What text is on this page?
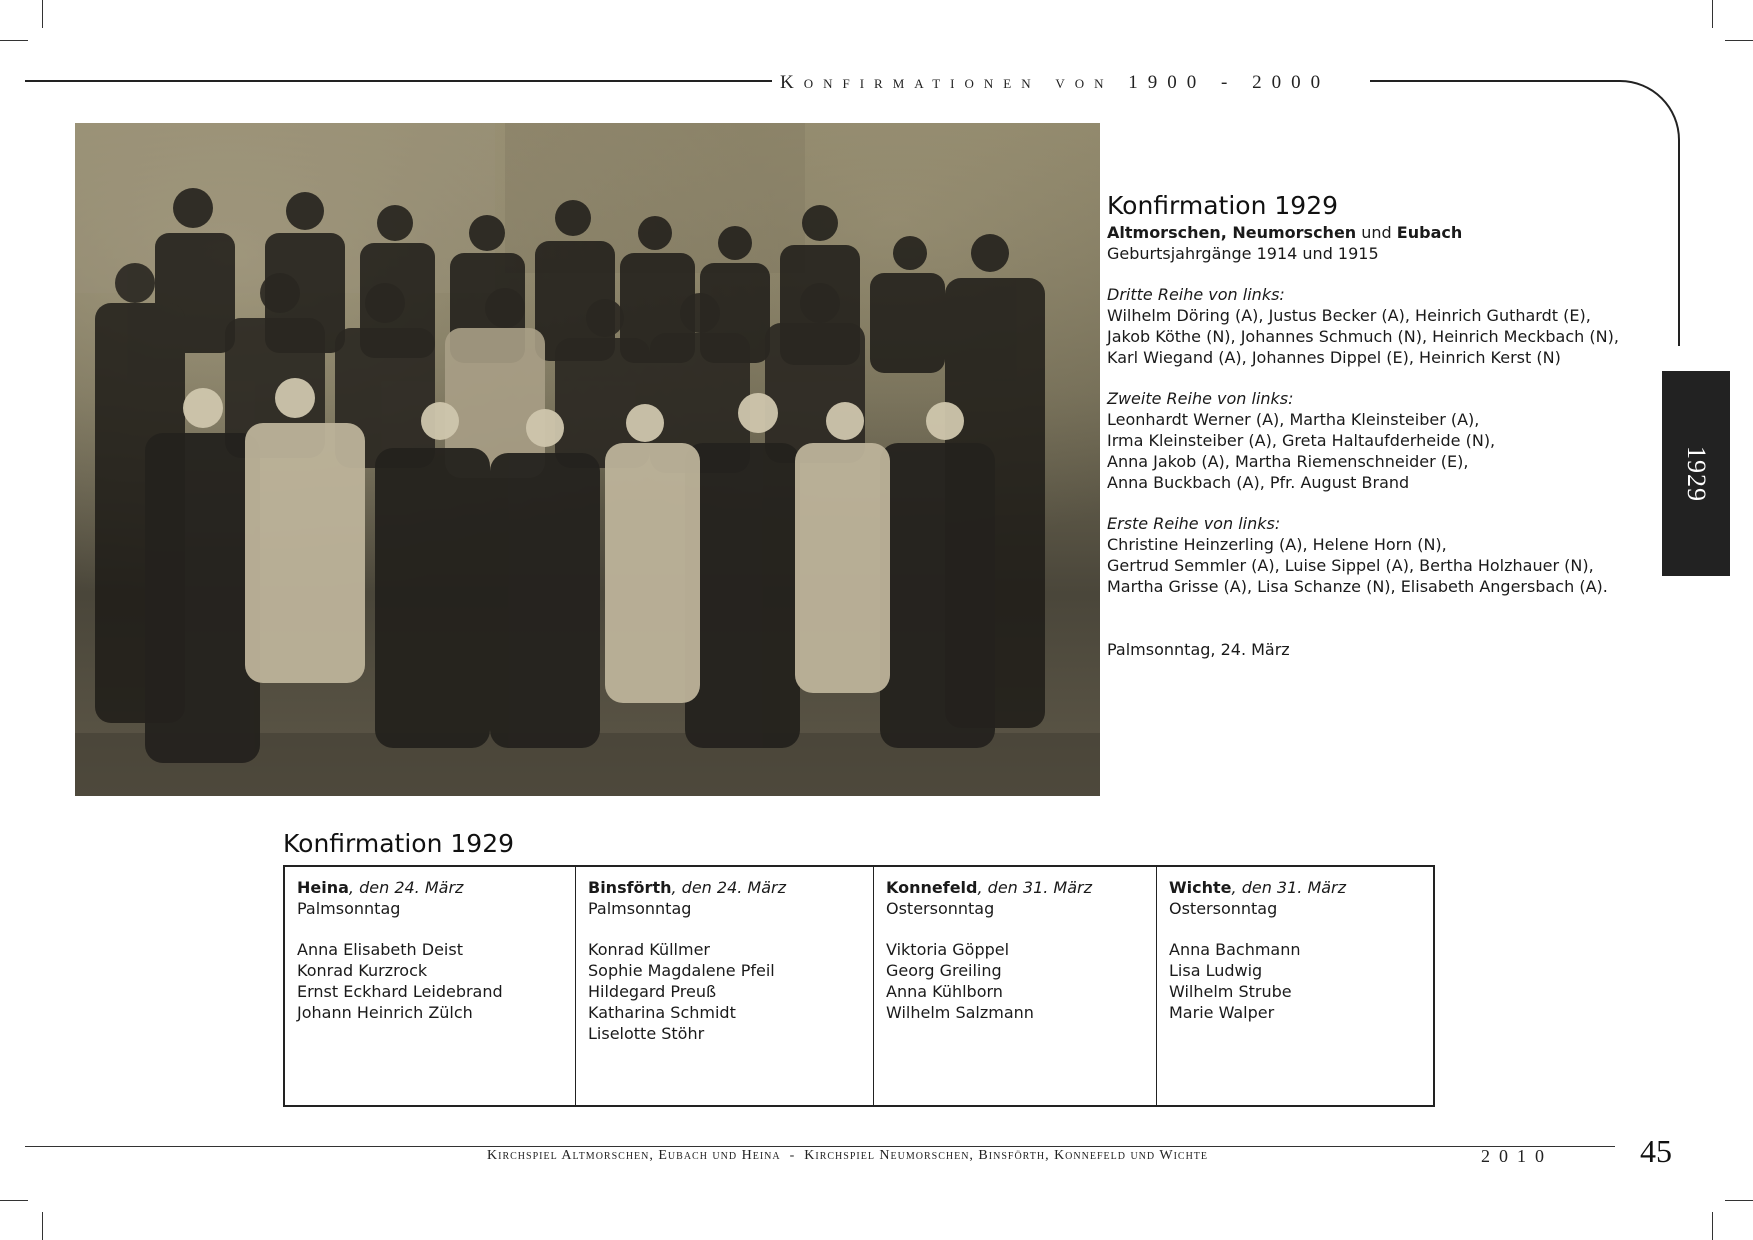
Konfirmationen von 1900 - 2000

Konfirmation 1929

Altmorschen, Neumorschen und Eubach

Geburtsjahrgänge 1914 und 1915

Dritte Reihe von links:

Wilhelm Döring (A), Justus Becker (A), Heinrich Guthardt (E),

Jakob Köthe (N), Johannes Schmuch (N), Heinrich Meckbach (N),

Karl Wiegand (A), Johannes Dippel (E), Heinrich Kerst (N)

Zweite Reihe von links:

Leonhardt Werner (A), Martha Kleinsteiber (A),

Irma Kleinsteiber (A), Greta Haltaufderheide (N),

Anna Jakob (A), Martha Riemenschneider (E),

Anna Buckbach (A), Pfr. August Brand

Erste Reihe von links:

Christine Heinzerling (A), Helene Horn (N),

Gertrud Semmler (A), Luise Sippel (A), Bertha Holzhauer (N),

Martha Grisse (A), Lisa Schanze (N), Elisabeth Angersbach (A).

Palmsonntag, 24. März

1929

Konfirmation 1929

Heina, den 24. März

Palmsonntag

Anna Elisabeth Deist

Konrad Kurzrock

Ernst Eckhard Leidebrand

Johann Heinrich Zülch

Binsförth, den 24. März

Palmsonntag

Konrad Küllmer

Sophie Magdalene Pfeil

Hildegard Preuß

Katharina Schmidt

Liselotte Stöhr

Konnefeld, den 31. März

Ostersonntag

Viktoria Göppel

Georg Greiling

Anna Kühlborn

Wilhelm Salzmann

Wichte, den 31. März

Ostersonntag

Anna Bachmann

Lisa Ludwig

Wilhelm Strube

Marie Walper

Kirchspiel Altmorschen, Eubach und Heina  -  Kirchspiel Neumorschen, Binsförth, Konnefeld und Wichte	2010	45
